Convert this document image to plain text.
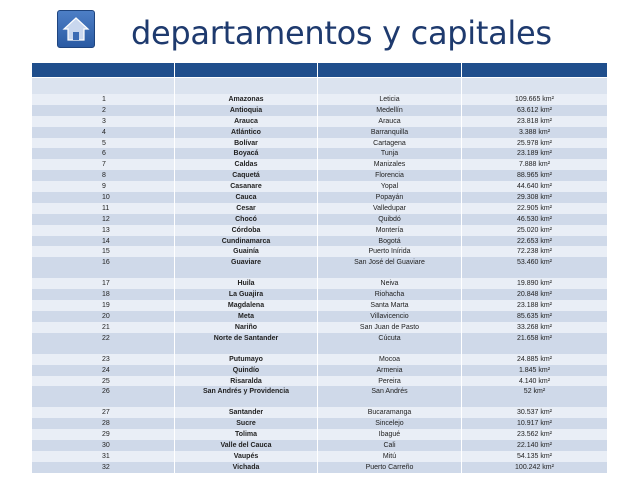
departamentos y capitales

1	Amazonas	Leticia	109.665 km²
2	Antioquia	Medellín	63.612 km²
3	Arauca	Arauca	23.818 km²
4	Atlántico	Barranquilla	3.388 km²
5	Bolívar	Cartagena	25.978 km²
6	Boyacá	Tunja	23.189 km²
7	Caldas	Manizales	7.888 km²
8	Caquetá	Florencia	88.965 km²
9	Casanare	Yopal	44.640 km²
10	Cauca	Popayán	29.308 km²
11	Cesar	Valledupar	22.905 km²
12	Chocó	Quibdó	46.530 km²
13	Córdoba	Montería	25.020 km²
14	Cundinamarca	Bogotá	22.653 km²
15	Guainía	Puerto Inírida	72.238 km²
16	Guaviare	San José del Guaviare	53.460 km²
17	Huila	Neiva	19.890 km²
18	La Guajira	Riohacha	20.848 km²
19	Magdalena	Santa Marta	23.188 km²
20	Meta	Villavicencio	85.635 km²
21	Nariño	San Juan de Pasto	33.268 km²
22	Norte de Santander	Cúcuta	21.658 km²
23	Putumayo	Mocoa	24.885 km²
24	Quindío	Armenia	1.845 km²
25	Risaralda	Pereira	4.140 km²
26	San Andrés y Providencia	San Andrés	52 km²
27	Santander	Bucaramanga	30.537 km²
28	Sucre	Sincelejo	10.917 km²
29	Tolima	Ibagué	23.562 km²
30	Valle del Cauca	Cali	22.140 km²
31	Vaupés	Mitú	54.135 km²
32	Vichada	Puerto Carreño	100.242 km²
